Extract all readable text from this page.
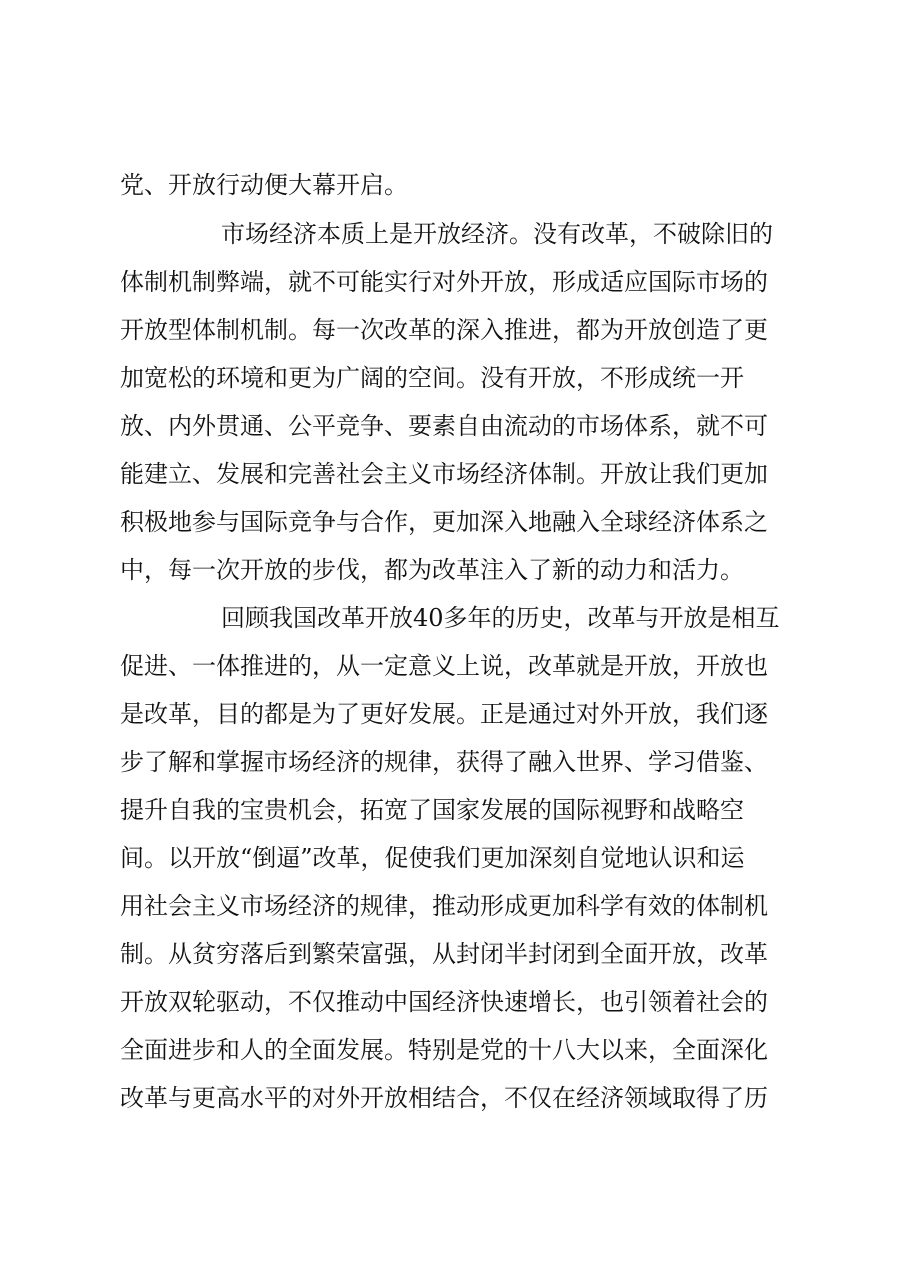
党、开放行动便大幕开启。
市场经济本质上是开放经济。没有改革，不破除旧的
体制机制弊端，就不可能实行对外开放，形成适应国际市场的
开放型体制机制。每一次改革的深入推进，都为开放创造了更
加宽松的环境和更为广阔的空间。没有开放，不形成统一开
放、内外贯通、公平竞争、要素自由流动的市场体系，就不可
能建立、发展和完善社会主义市场经济体制。开放让我们更加
积极地参与国际竞争与合作，更加深入地融入全球经济体系之
中，每一次开放的步伐，都为改革注入了新的动力和活力。
回顾我国改革开放40多年的历史，改革与开放是相互
促进、一体推进的，从一定意义上说，改革就是开放，开放也
是改革，目的都是为了更好发展。正是通过对外开放，我们逐
步了解和掌握市场经济的规律，获得了融入世界、学习借鉴、
提升自我的宝贵机会，拓宽了国家发展的国际视野和战略空
间。以开放“倒逼”改革，促使我们更加深刻自觉地认识和运
用社会主义市场经济的规律，推动形成更加科学有效的体制机
制。从贫穷落后到繁荣富强，从封闭半封闭到全面开放，改革
开放双轮驱动，不仅推动中国经济快速增长，也引领着社会的
全面进步和人的全面发展。特别是党的十八大以来，全面深化
改革与更高水平的对外开放相结合，不仅在经济领域取得了历
